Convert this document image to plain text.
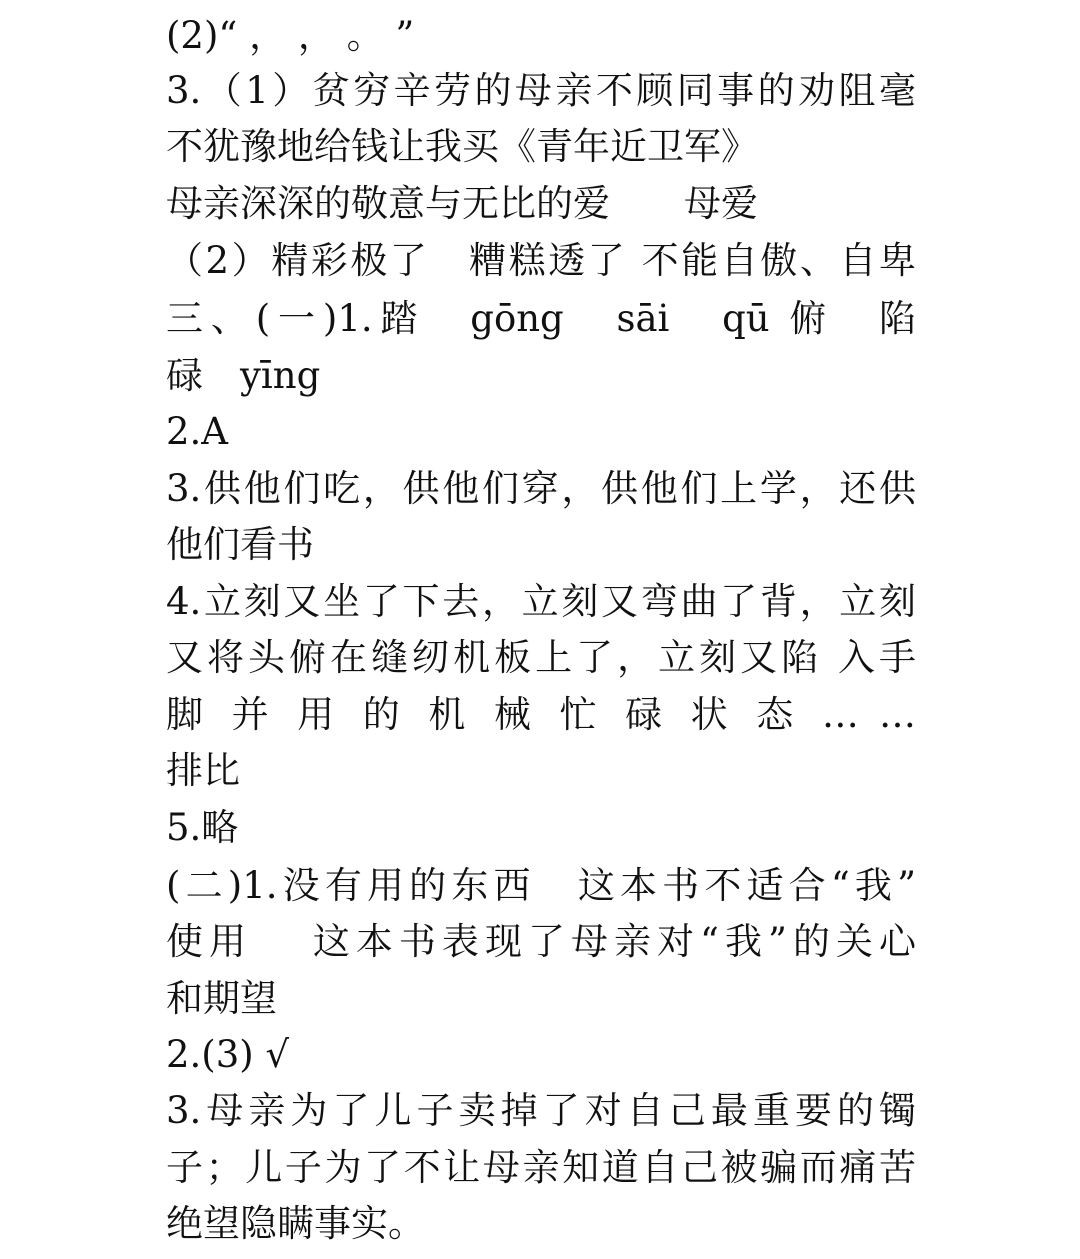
(2)“ ， ， 。 ”
3.（1）贫穷辛劳的母亲不顾同事的劝阻毫
不犹豫地给钱让我买《青年近卫军》
母亲深深的敬意与无比的爱　　母爱
（2）精彩极了　糟糕透了 不能自傲、自卑
三、(一)1.踏　gōng　sāi　qū 俯　陷
碌　yīng
2.A
3.供他们吃，供他们穿，供他们上学，还供
他们看书
4.立刻又坐了下去，立刻又弯曲了背，立刻
又将头俯在缝纫机板上了，立刻又陷 入手
脚 并 用 的 机 械 忙 碌 状 态 … …
排比
5.略
(二)1.没有用的东西　这本书不适合“我”
使用　 这本书表现了母亲对“我”的关心
和期望
2.(3) √
3.母亲为了儿子卖掉了对自己最重要的镯
子；儿子为了不让母亲知道自己被骗而痛苦
绝望隐瞒事实。
